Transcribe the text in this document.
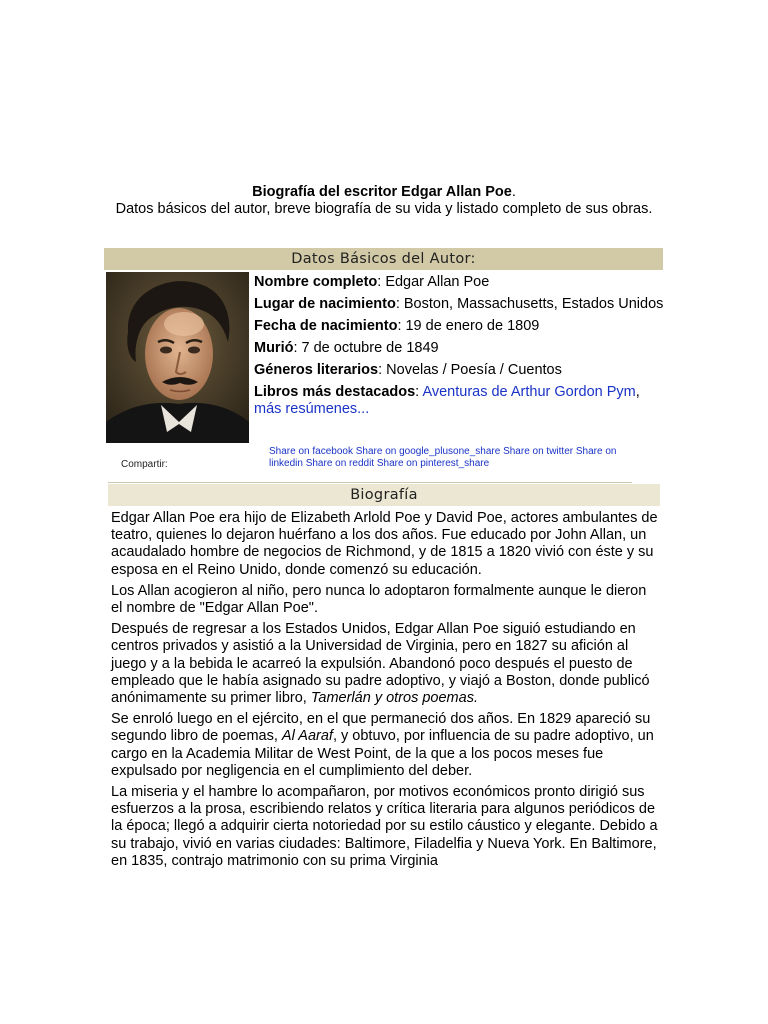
Biografía del escritor Edgar Allan Poe.
Datos básicos del autor, breve biografía de su vida y listado completo de sus obras.
Datos Básicos del Autor:
Nombre completo: Edgar Allan Poe
Lugar de nacimiento: Boston, Massachusetts, Estados Unidos
Fecha de nacimiento: 19 de enero de 1809
Murió: 7 de octubre de 1849
Géneros literarios: Novelas / Poesía / Cuentos
Libros más destacados: Aventuras de Arthur Gordon Pym,
más resúmenes...
Compartir:
Share on facebook Share on google_plusone_share Share on twitter Share on linkedin Share on reddit Share on pinterest_share
Biografía

Edgar Allan Poe era hijo de Elizabeth Arlold Poe y David Poe, actores ambulantes de teatro, quienes lo dejaron huérfano a los dos años. Fue educado por John Allan, un acaudalado hombre de negocios de Richmond, y de 1815 a 1820 vivió con éste y su esposa en el Reino Unido, donde comenzó su educación.

Los Allan acogieron al niño, pero nunca lo adoptaron formalmente aunque le dieron el nombre de "Edgar Allan Poe".

Después de regresar a los Estados Unidos, Edgar Allan Poe siguió estudiando en centros privados y asistió a la Universidad de Virginia, pero en 1827 su afición al juego y a la bebida le acarreó la expulsión. Abandonó poco después el puesto de empleado que le había asignado su padre adoptivo, y viajó a Boston, donde publicó anónimamente su primer libro, Tamerlán y otros poemas.

Se enroló luego en el ejército, en el que permaneció dos años. En 1829 apareció su segundo libro de poemas, Al Aaraf, y obtuvo, por influencia de su padre adoptivo, un cargo en la Academia Militar de West Point, de la que a los pocos meses fue expulsado por negligencia en el cumplimiento del deber.

La miseria y el hambre lo acompañaron, por motivos económicos pronto dirigió sus esfuerzos a la prosa, escribiendo relatos y crítica literaria para algunos periódicos de la época; llegó a adquirir cierta notoriedad por su estilo cáustico y elegante. Debido a su trabajo, vivió en varias ciudades: Baltimore, Filadelfia y Nueva York. En Baltimore, en 1835, contrajo matrimonio con su prima Virginia
